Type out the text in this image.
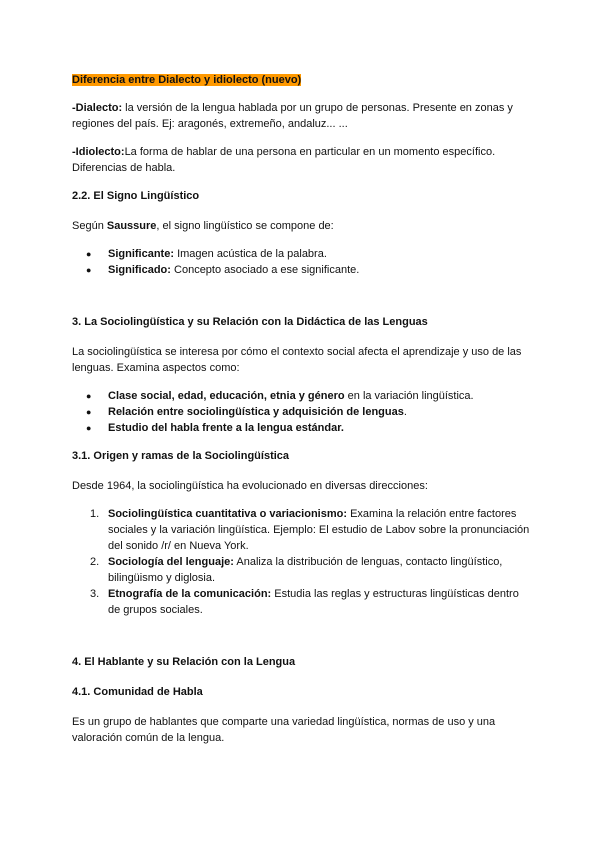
Diferencia entre Dialecto y idiolecto (nuevo)

-Dialecto: la versión de la lengua hablada por un grupo de personas. Presente en zonas y regiones del país. Ej: aragonés, extremeño, andaluz... ...

-Idiolecto:La forma de hablar de una persona en particular en un momento específico. Diferencias de habla.

2.2. El Signo Lingüístico

Según Saussure, el signo lingüístico se compone de:

● Significante: Imagen acústica de la palabra.
● Significado: Concepto asociado a ese significante.

3. La Sociolingüística y su Relación con la Didáctica de las Lenguas

La sociolingüística se interesa por cómo el contexto social afecta el aprendizaje y uso de las lenguas. Examina aspectos como:

● Clase social, edad, educación, etnia y género en la variación lingüística.
● Relación entre sociolingüística y adquisición de lenguas.
● Estudio del habla frente a la lengua estándar.

3.1. Origen y ramas de la Sociolingüística

Desde 1964, la sociolingüística ha evolucionado en diversas direcciones:

1. Sociolingüística cuantitativa o variacionismo: Examina la relación entre factores sociales y la variación lingüística. Ejemplo: El estudio de Labov sobre la pronunciación del sonido /r/ en Nueva York.
2. Sociología del lenguaje: Analiza la distribución de lenguas, contacto lingüístico, bilingüismo y diglosia.
3. Etnografía de la comunicación: Estudia las reglas y estructuras lingüísticas dentro de grupos sociales.

4. El Hablante y su Relación con la Lengua

4.1. Comunidad de Habla

Es un grupo de hablantes que comparte una variedad lingüística, normas de uso y una valoración común de la lengua.
